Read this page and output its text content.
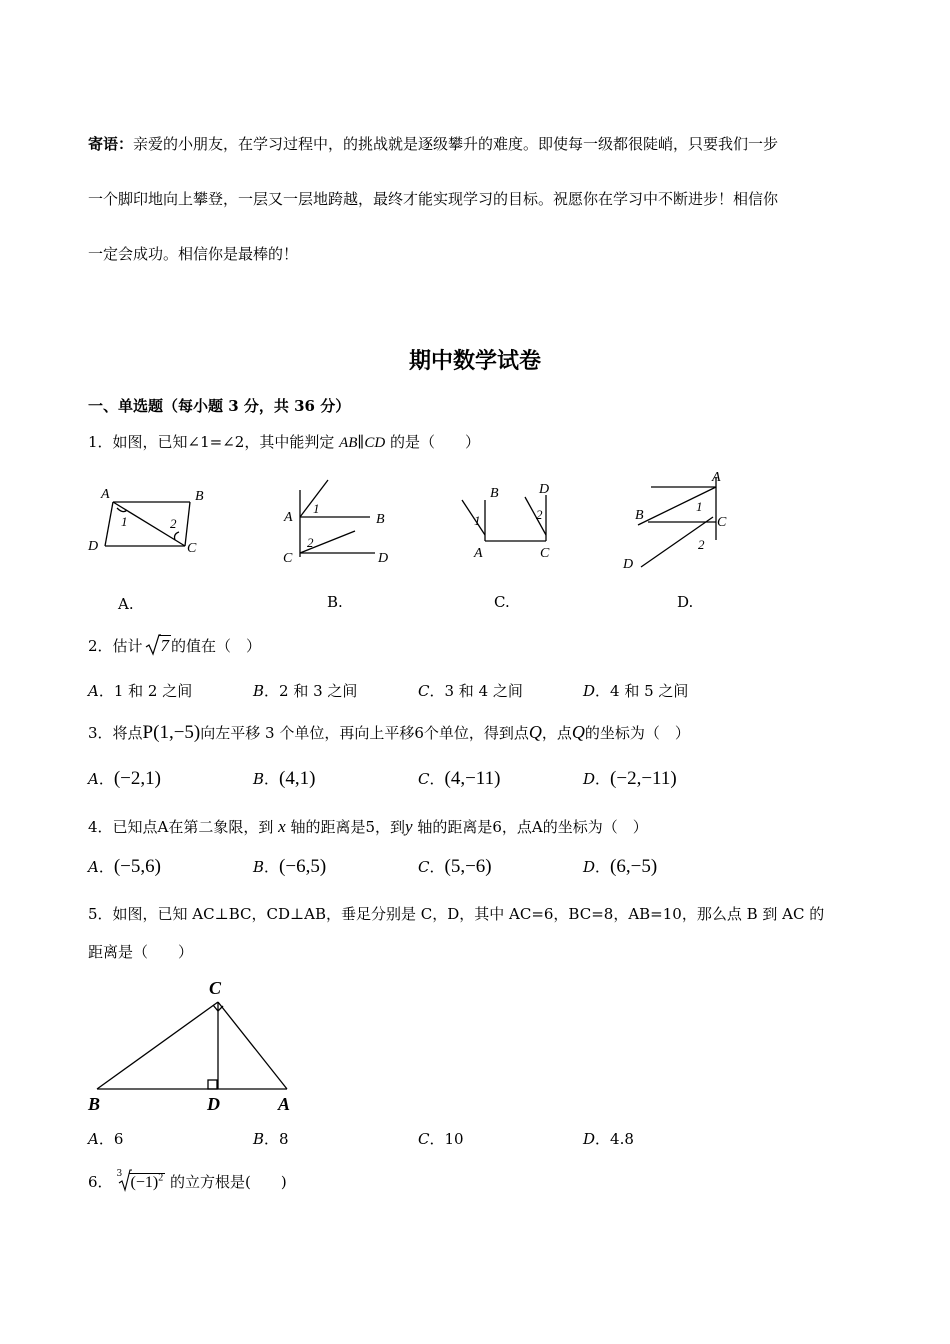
寄语：亲爱的小朋友，在学习过程中，的挑战就是逐级攀升的难度。即使每一级都很陡峭，只要我们一步
一个脚印地向上攀登，一层又一层地跨越，最终才能实现学习的目标。祝愿你在学习中不断进步！相信你
一定会成功。相信你是最棒的！
期中数学试卷
一、单选题（每小题 3 分，共 36 分）
1．如图，已知∠1=∠2，其中能判定 AB∥CD 的是（　　）
A	B
C
D
1	2	A	B
C	D
1
2
B	D
A	C
1	2
A
B	C
D
1
2
A.	B.	C.	D.
2．估计 7 的值在（　）
A．1 和 2 之间	B．2 和 3 之间	C．3 和 4 之间	D．4 和 5 之间
3．将点P(1,−5)向左平移 3 个单位，再向上平移6个单位，得到点Q，点Q的坐标为（　）
A．(−2,1)	B．(4,1)	C．(4,−11)	D．(−2,−11)
4．已知点A在第二象限，到 x 轴的距离是5，到y 轴的距离是6，点A的坐标为（　）
A．(−5,6)	B．(−6,5)	C．(5,−6)	D．(6,−5)
5．如图，已知 AC⊥BC，CD⊥AB，垂足分别是 C，D，其中 AC=6，BC=8，AB=10，那么点 B 到 AC 的
距离是（　　）
C
B	D	A
A．6	B．8	C．10	D．4.8
6． 3
$(-1)^2$ 的立方根是(　　)
